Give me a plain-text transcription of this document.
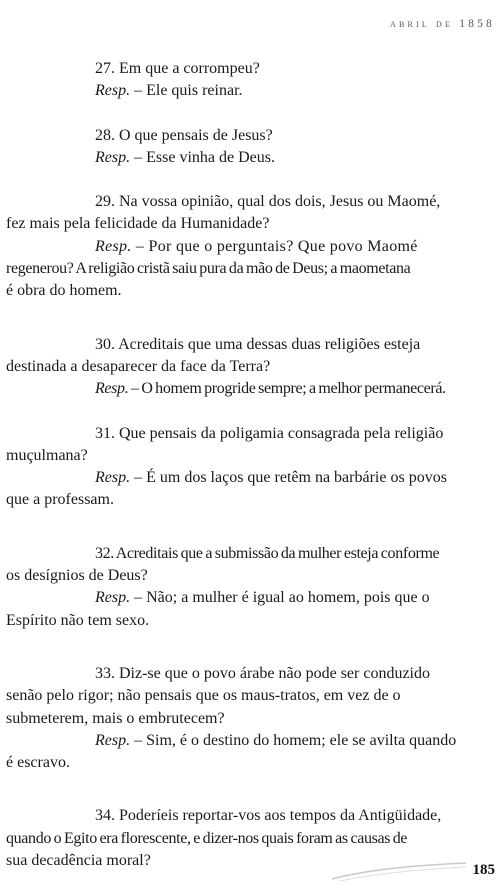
abril de 1858

27. Em que a corrompeu?

Resp. – Ele quis reinar.

28. O que pensais de Jesus?

Resp. – Esse vinha de Deus.

29. Na vossa opinião, qual dos dois, Jesus ou Maomé,

fez mais pela felicidade da Humanidade?

Resp. – Por que o perguntais? Que povo Maomé

regenerou? A religião cristã saiu pura da mão de Deus; a maometana

é obra do homem.

30. Acreditais que uma dessas duas religiões esteja

destinada a desaparecer da face da Terra?

Resp. – O homem progride sempre; a melhor permanecerá.

31. Que pensais da poligamia consagrada pela religião

muçulmana?

Resp. – É um dos laços que retêm na barbárie os povos

que a professam.

32. Acreditais que a submissão da mulher esteja conforme

os desígnios de Deus?

Resp. – Não; a mulher é igual ao homem, pois que o

Espírito não tem sexo.

33. Diz-se que o povo árabe não pode ser conduzido

senão pelo rigor; não pensais que os maus-tratos, em vez de o

submeterem, mais o embrutecem?

Resp. – Sim, é o destino do homem; ele se avilta quando

é escravo.

34. Poderíeis reportar-vos aos tempos da Antigüidade,

quando o Egito era florescente, e dizer-nos quais foram as causas de

sua decadência moral?

185
